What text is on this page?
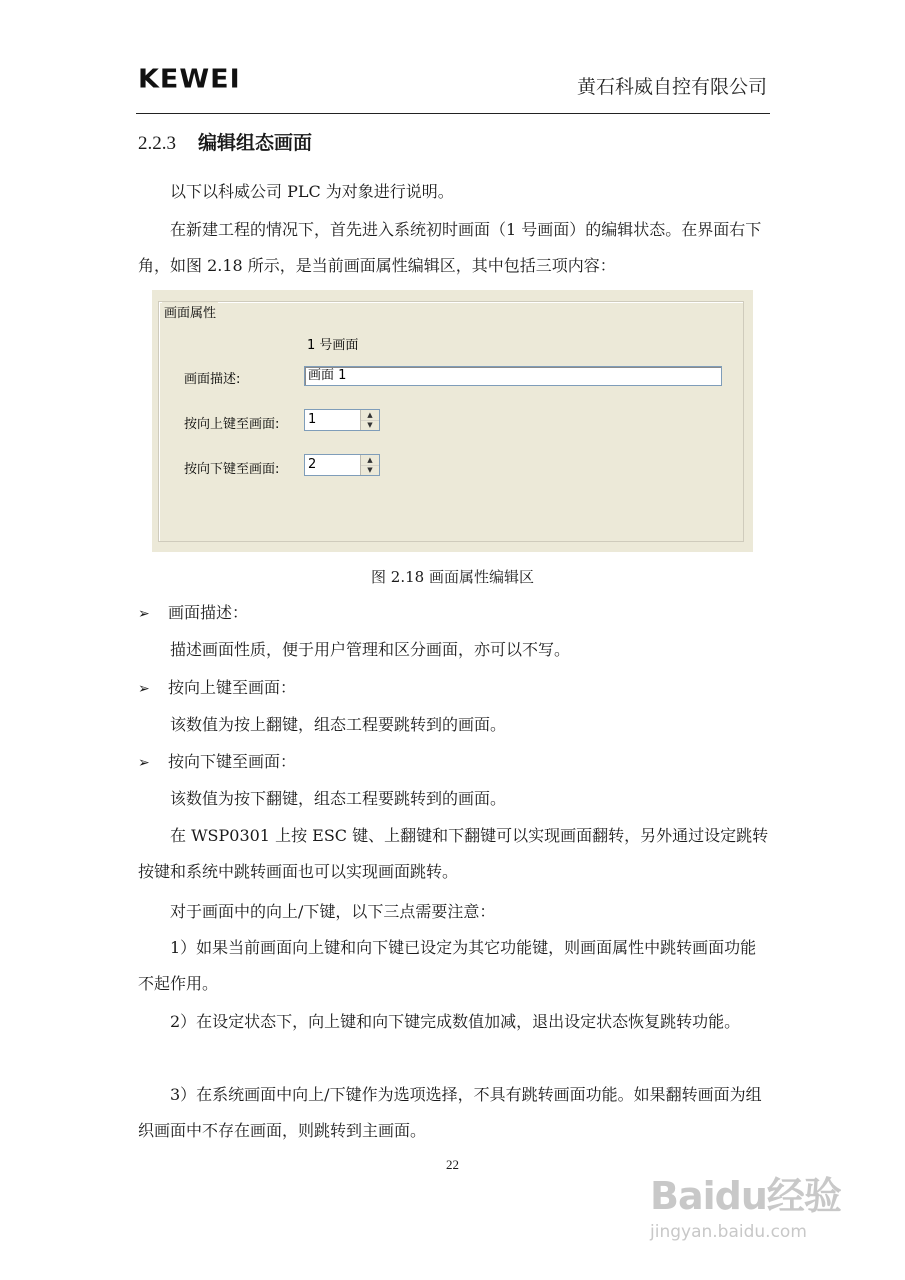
KEWEI	黄石科威自控有限公司
2.2.3 编辑组态画面
以下以科威公司 PLC 为对象进行说明。
在新建工程的情况下，首先进入系统初时画面（1 号画面）的编辑状态。在界面右下角，如图 2.18 所示，是当前画面属性编辑区，其中包括三项内容：
画面属性
1 号画面
画面描述:	画面 1
按向上键至画面: 1	▲
▼
按向下键至画面: 2	▲
▼
图 2.18 画面属性编辑区
➢ 画面描述：
描述画面性质，便于用户管理和区分画面，亦可以不写。
➢ 按向上键至画面：
该数值为按上翻键，组态工程要跳转到的画面。
➢ 按向下键至画面：
该数值为按下翻键，组态工程要跳转到的画面。
在 WSP0301 上按 ESC 键、上翻键和下翻键可以实现画面翻转，另外通过设定跳转按键和系统中跳转画面也可以实现画面跳转。
对于画面中的向上/下键，以下三点需要注意：
1）如果当前画面向上键和向下键已设定为其它功能键，则画面属性中跳转画面功能不起作用。
2）在设定状态下，向上键和向下键完成数值加减，退出设定状态恢复跳转功能。
3）在系统画面中向上/下键作为选项选择，不具有跳转画面功能。如果翻转画面为组织画面中不存在画面，则跳转到主画面。
22
Baidu经验
jingyan.baidu.com
